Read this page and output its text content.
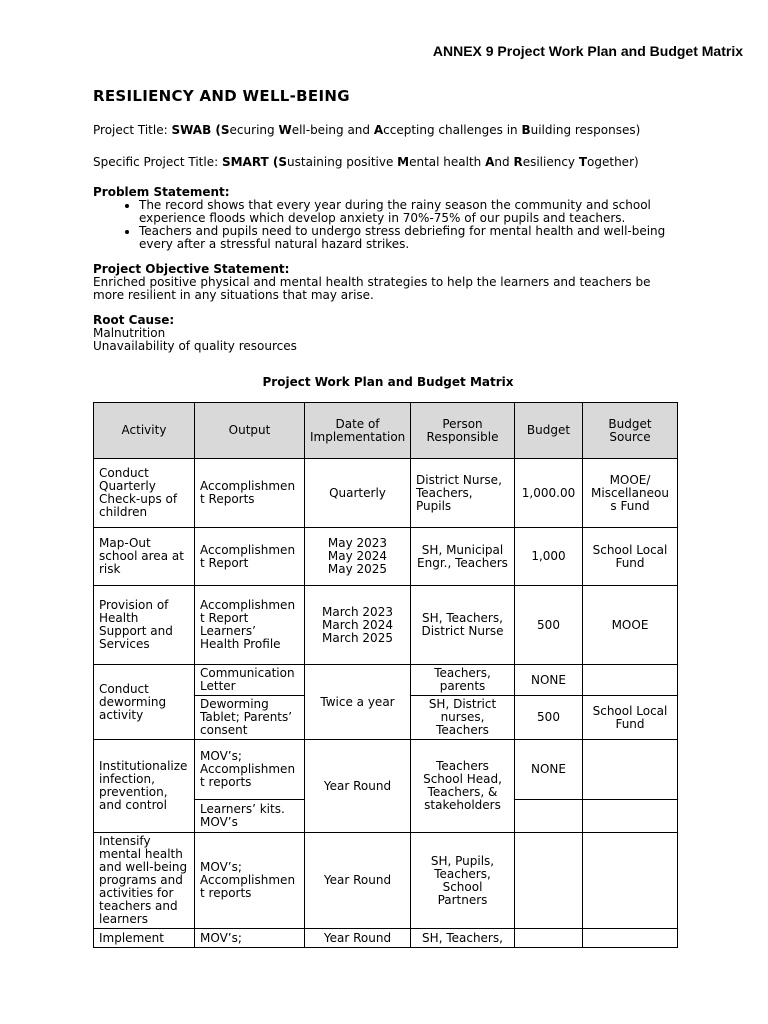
ANNEX 9 Project Work Plan and Budget Matrix
RESILIENCY AND WELL-BEING
Project Title: SWAB (Securing Well-being and Accepting challenges in Building responses)
Specific Project Title: SMART (Sustaining positive Mental health And Resiliency Together)
Problem Statement:
• The record shows that every year during the rainy season the community and school experience floods which develop anxiety in 70%-75% of our pupils and teachers.
• Teachers and pupils need to undergo stress debriefing for mental health and well-being every after a stressful natural hazard strikes.
Project Objective Statement:
Enriched positive physical and mental health strategies to help the learners and teachers be more resilient in any situations that may arise.
Root Cause:
Malnutrition
Unavailability of quality resources
Project Work Plan and Budget Matrix
Activity	Output	Date of Implementation	Person Responsible	Budget	Budget Source
Conduct Quarterly Check-ups of children	Accomplishmen t Reports	Quarterly	District Nurse, Teachers, Pupils	1,000.00	MOOE/ Miscellaneou s Fund
Map-Out school area at risk	Accomplishmen t Report	May 2023
May 2024
May 2025	SH, Municipal Engr., Teachers	1,000	School Local Fund
Provision of Health Support and Services	Accomplishmen t Report
Learners’ Health Profile	March 2023
March 2024
March 2025	SH, Teachers, District Nurse	500	MOOE
Conduct deworming activity	Communication Letter	Twice a year	Teachers, parents	NONE	
	Deworming Tablet; Parents’ consent		SH, District nurses, Teachers	500	School Local Fund
Institutionalize infection, prevention, and control	MOV’s; Accomplishmen t reports	Year Round	Teachers School Head, Teachers, & stakeholders	NONE	
	Learners’ kits. MOV’s				
Intensify mental health and well-being programs and activities for teachers and learners	MOV’s; Accomplishmen t reports	Year Round	SH, Pupils, Teachers, School Partners		
Implement	MOV’s;	Year Round	SH, Teachers,		
